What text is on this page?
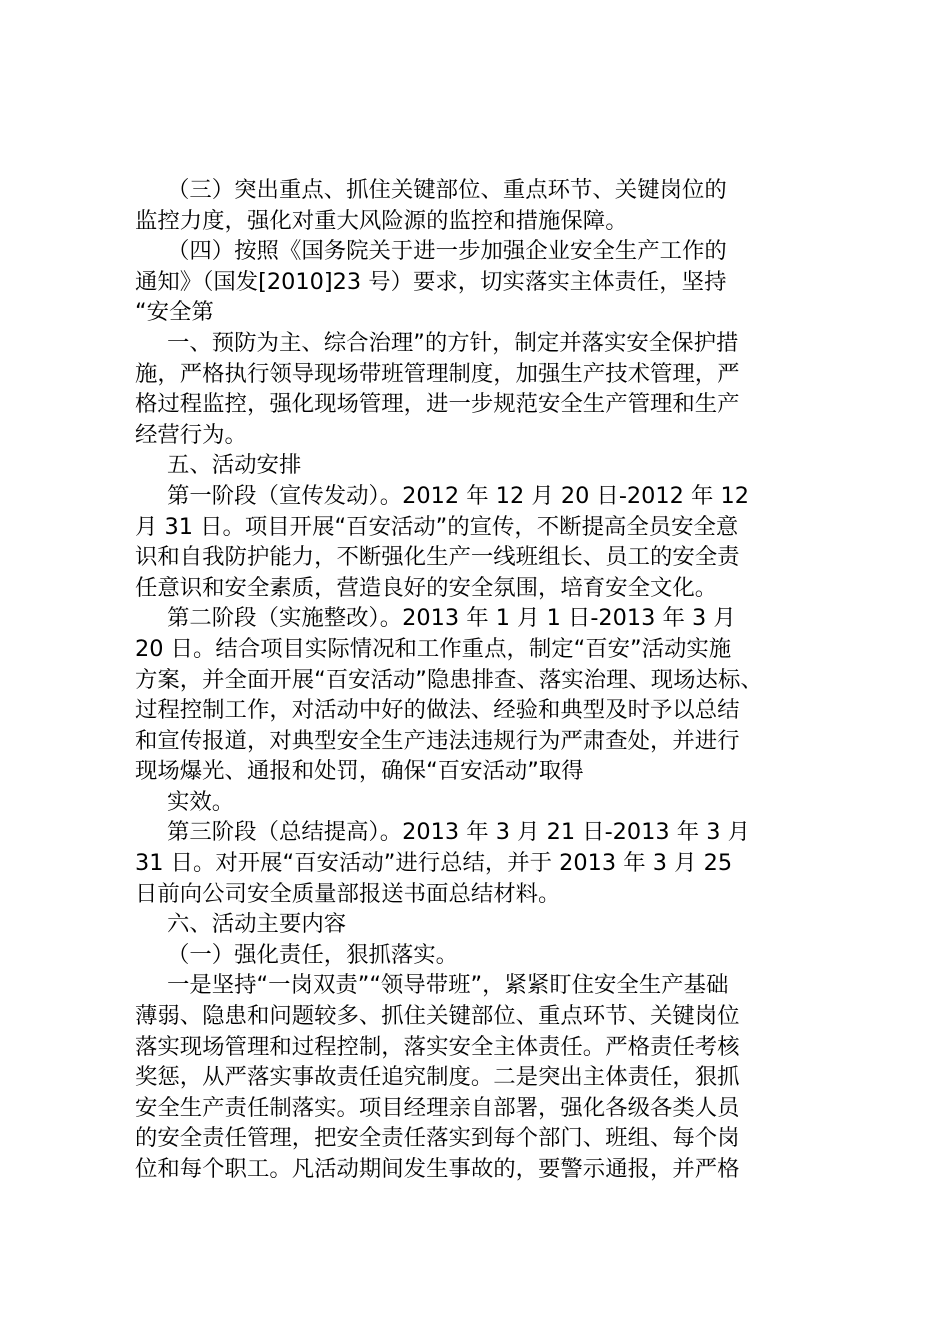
（三）突出重点、抓住关键部位、重点环节、关键岗位的
监控力度，强化对重大风险源的监控和措施保障。
（四）按照《国务院关于进一步加强企业安全生产工作的
通知》（国发[2010]23 号）要求，切实落实主体责任，坚持
“安全第
一、预防为主、综合治理”的方针，制定并落实安全保护措
施，严格执行领导现场带班管理制度，加强生产技术管理，严
格过程监控，强化现场管理，进一步规范安全生产管理和生产
经营行为。
五、活动安排
第一阶段（宣传发动）。2012 年 12 月 20 日-2012 年 12
月 31 日。项目开展“百安活动”的宣传，不断提高全员安全意
识和自我防护能力，不断强化生产一线班组长、员工的安全责
任意识和安全素质，营造良好的安全氛围，培育安全文化。
第二阶段（实施整改）。2013 年 1 月 1 日-2013 年 3 月
20 日。结合项目实际情况和工作重点，制定“百安”活动实施
方案，并全面开展“百安活动”隐患排查、落实治理、现场达标、
过程控制工作，对活动中好的做法、经验和典型及时予以总结
和宣传报道，对典型安全生产违法违规行为严肃查处，并进行
现场爆光、通报和处罚，确保“百安活动”取得
实效。
第三阶段（总结提高）。2013 年 3 月 21 日-2013 年 3 月
31 日。对开展“百安活动”进行总结，并于 2013 年 3 月 25
日前向公司安全质量部报送书面总结材料。
六、活动主要内容
（一）强化责任，狠抓落实。
一是坚持“一岗双责”“领导带班”，紧紧盯住安全生产基础
薄弱、隐患和问题较多、抓住关键部位、重点环节、关键岗位
落实现场管理和过程控制，落实安全主体责任。严格责任考核
奖惩，从严落实事故责任追究制度。二是突出主体责任，狠抓
安全生产责任制落实。项目经理亲自部署，强化各级各类人员
的安全责任管理，把安全责任落实到每个部门、班组、每个岗
位和每个职工。凡活动期间发生事故的，要警示通报，并严格
